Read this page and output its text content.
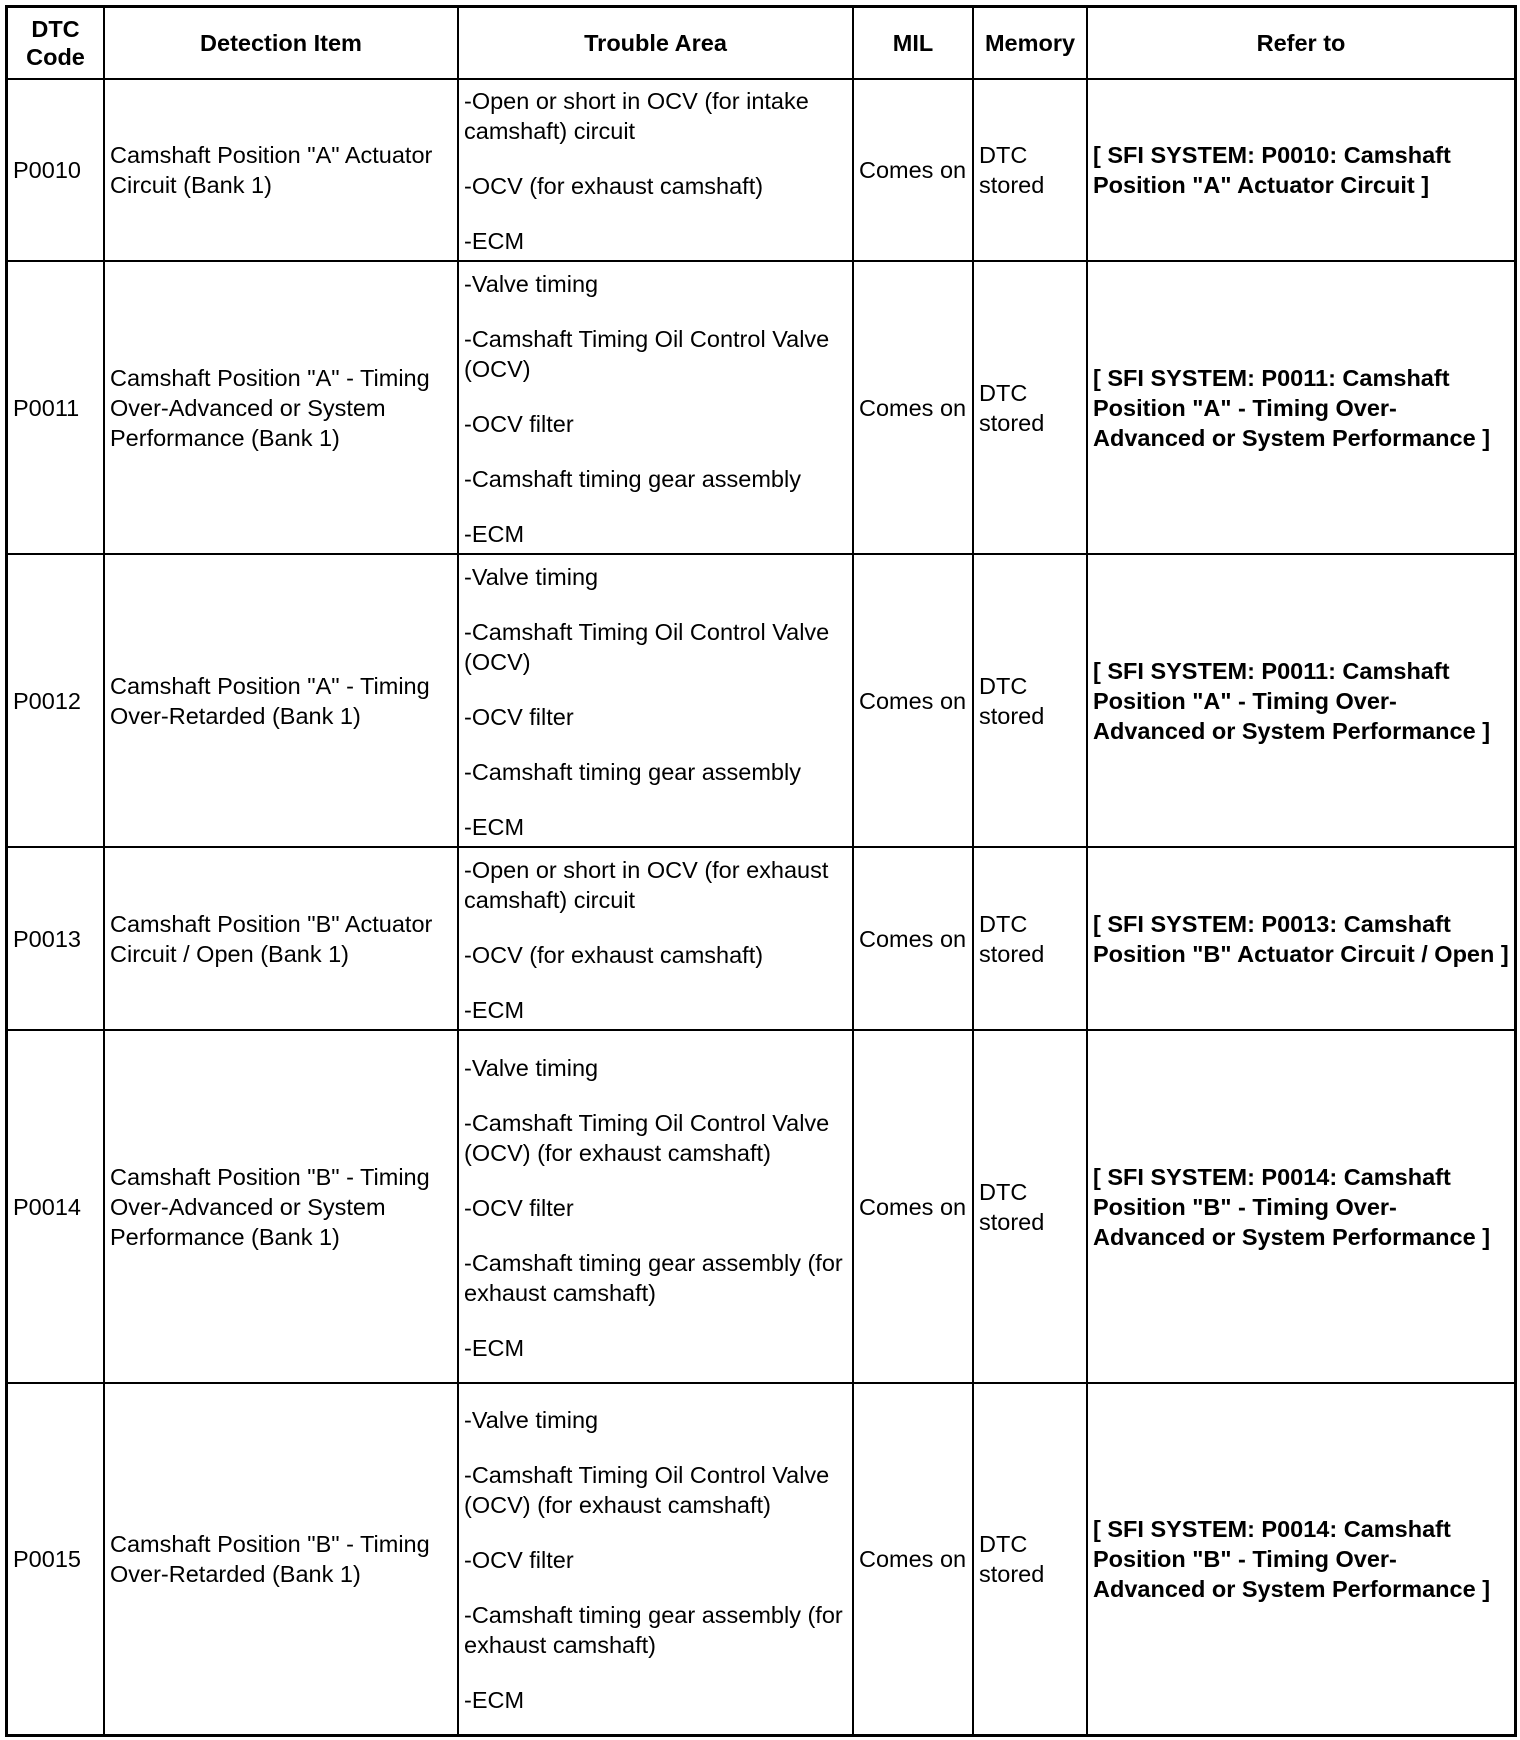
DTC Code	Detection Item	Trouble Area	MIL	Memory	Refer to
P0010	Camshaft Position "A" Actuator Circuit (Bank 1)	-Open or short in OCV (for intake camshaft) circuit

-OCV (for exhaust camshaft)

-ECM	Comes on	DTC stored	[ SFI SYSTEM: P0010: Camshaft Position "A" Actuator Circuit ]
P0011	Camshaft Position "A" - Timing Over-Advanced or System Performance (Bank 1)	-Valve timing

-Camshaft Timing Oil Control Valve (OCV)

-OCV filter

-Camshaft timing gear assembly

-ECM	Comes on	DTC stored	[ SFI SYSTEM: P0011: Camshaft Position "A" - Timing Over-Advanced or System Performance ]
P0012	Camshaft Position "A" - Timing Over-Retarded (Bank 1)	-Valve timing

-Camshaft Timing Oil Control Valve (OCV)

-OCV filter

-Camshaft timing gear assembly

-ECM	Comes on	DTC stored	[ SFI SYSTEM: P0011: Camshaft Position "A" - Timing Over-Advanced or System Performance ]
P0013	Camshaft Position "B" Actuator Circuit / Open (Bank 1)	-Open or short in OCV (for exhaust camshaft) circuit

-OCV (for exhaust camshaft)

-ECM	Comes on	DTC stored	[ SFI SYSTEM: P0013: Camshaft Position "B" Actuator Circuit / Open ]
P0014	Camshaft Position "B" - Timing Over-Advanced or System Performance (Bank 1)	-Valve timing

-Camshaft Timing Oil Control Valve (OCV) (for exhaust camshaft)

-OCV filter

-Camshaft timing gear assembly (for exhaust camshaft)

-ECM	Comes on	DTC stored	[ SFI SYSTEM: P0014: Camshaft Position "B" - Timing Over-Advanced or System Performance ]
P0015	Camshaft Position "B" - Timing Over-Retarded (Bank 1)	-Valve timing

-Camshaft Timing Oil Control Valve (OCV) (for exhaust camshaft)

-OCV filter

-Camshaft timing gear assembly (for exhaust camshaft)

-ECM	Comes on	DTC stored	[ SFI SYSTEM: P0014: Camshaft Position "B" - Timing Over-Advanced or System Performance ]
